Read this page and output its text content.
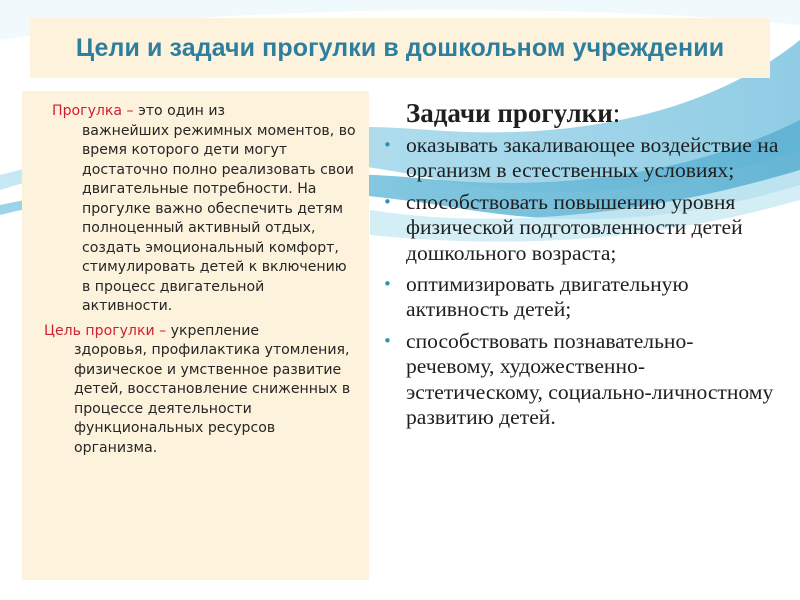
Цели и задачи прогулки в дошкольном учреждении

Прогулка – это один из
важнейших режимных моментов, во время которого дети могут достаточно полно реализовать свои двигательные потребности. На прогулке важно обеспечить детям полноценный активный отдых, создать эмоциональный комфорт, стимулировать детей к включению в процесс двигательной активности.

Цель прогулки – укрепление
здоровья, профилактика утомления, физическое и умственное развитие детей, восстановление сниженных в процессе деятельности функциональных ресурсов организма.

Задачи прогулки:
• оказывать закаливающее воздействие на организм в естественных условиях;
• способствовать повышению уровня физической подготовленности детей дошкольного возраста;
• оптимизировать двигательную активность детей;
• способствовать познавательно-речевому, художественно-эстетическому, социально-личностному развитию детей.
